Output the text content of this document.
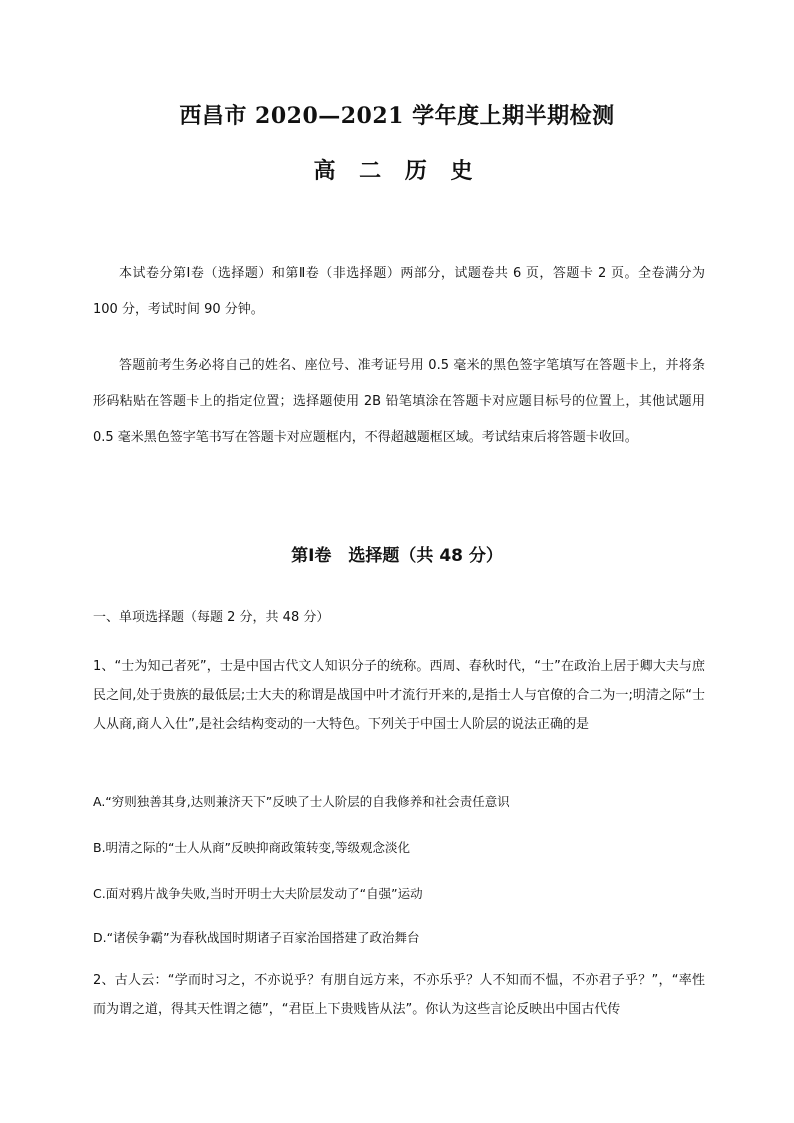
西昌市 2020—2021 学年度上期半期检测
高 二 历 史
本试卷分第Ⅰ卷（选择题）和第Ⅱ卷（非选择题）两部分，试题卷共 6 页，答题卡 2 页。全卷满分为 100 分，考试时间 90 分钟。
答题前考生务必将自己的姓名、座位号、准考证号用 0.5 毫米的黑色签字笔填写在答题卡上，并将条形码粘贴在答题卡上的指定位置；选择题使用 2B 铅笔填涂在答题卡对应题目标号的位置上，其他试题用 0.5 毫米黑色签字笔书写在答题卡对应题框内，不得超越题框区域。考试结束后将答题卡收回。
第Ⅰ卷　选择题（共 48 分）
一、单项选择题（每题 2 分，共 48 分）
1、“士为知己者死”，士是中国古代文人知识分子的统称。西周、春秋时代，“士”在政治上居于卿大夫与庶民之间,处于贵族的最低层;士大夫的称谓是战国中叶才流行开来的,是指士人与官僚的合二为一;明清之际“士人从商,商人入仕”,是社会结构变动的一大特色。下列关于中国士人阶层的说法正确的是
A.“穷则独善其身,达则兼济天下”反映了士人阶层的自我修养和社会责任意识
B.明清之际的“士人从商”反映抑商政策转变,等级观念淡化
C.面对鸦片战争失败,当时开明士大夫阶层发动了“自强”运动
D.“诸侯争霸”为春秋战国时期诸子百家治国搭建了政治舞台
2、古人云：“学而时习之，不亦说乎？有朋自远方来，不亦乐乎？人不知而不愠，不亦君子乎？”，“率性而为谓之道，得其天性谓之德”，“君臣上下贵贱皆从法”。你认为这些言论反映出中国古代传
